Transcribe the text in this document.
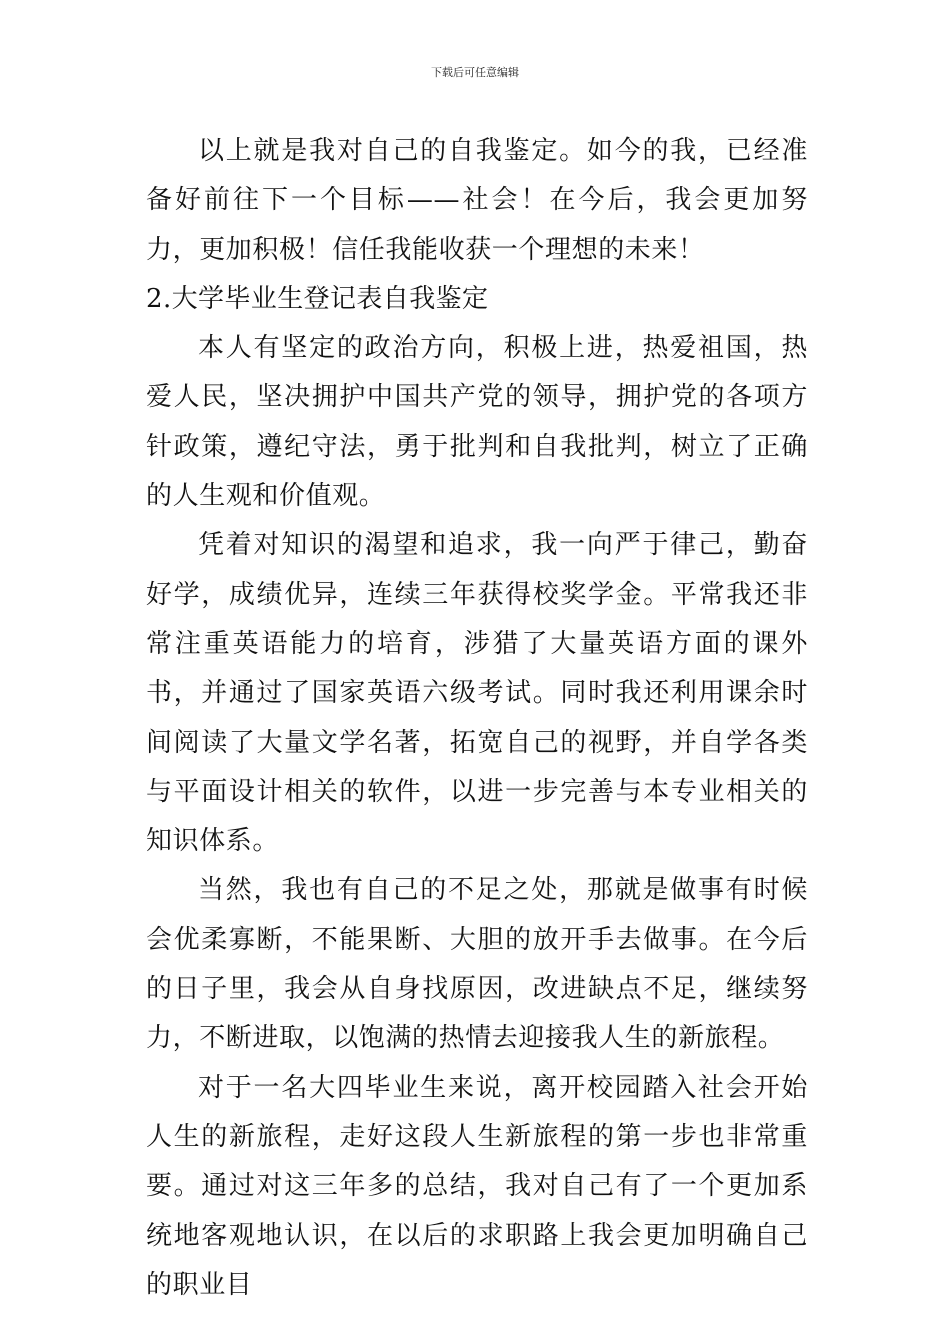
下载后可任意编辑

以上就是我对自己的自我鉴定。如今的我，已经准备好前往下一个目标——社会！在今后，我会更加努力，更加积极！信任我能收获一个理想的未来！

2.大学毕业生登记表自我鉴定

本人有坚定的政治方向，积极上进，热爱祖国，热爱人民，坚决拥护中国共产党的领导，拥护党的各项方针政策，遵纪守法，勇于批判和自我批判，树立了正确的人生观和价值观。

凭着对知识的渴望和追求，我一向严于律己，勤奋好学，成绩优异，连续三年获得校奖学金。平常我还非常注重英语能力的培育，涉猎了大量英语方面的课外书，并通过了国家英语六级考试。同时我还利用课余时间阅读了大量文学名著，拓宽自己的视野，并自学各类与平面设计相关的软件，以进一步完善与本专业相关的知识体系。

当然，我也有自己的不足之处，那就是做事有时候会优柔寡断，不能果断、大胆的放开手去做事。在今后的日子里，我会从自身找原因，改进缺点不足，继续努力，不断进取，以饱满的热情去迎接我人生的新旅程。

对于一名大四毕业生来说，离开校园踏入社会开始人生的新旅程，走好这段人生新旅程的第一步也非常重要。通过对这三年多的总结，我对自己有了一个更加系统地客观地认识，在以后的求职路上我会更加明确自己的职业目
